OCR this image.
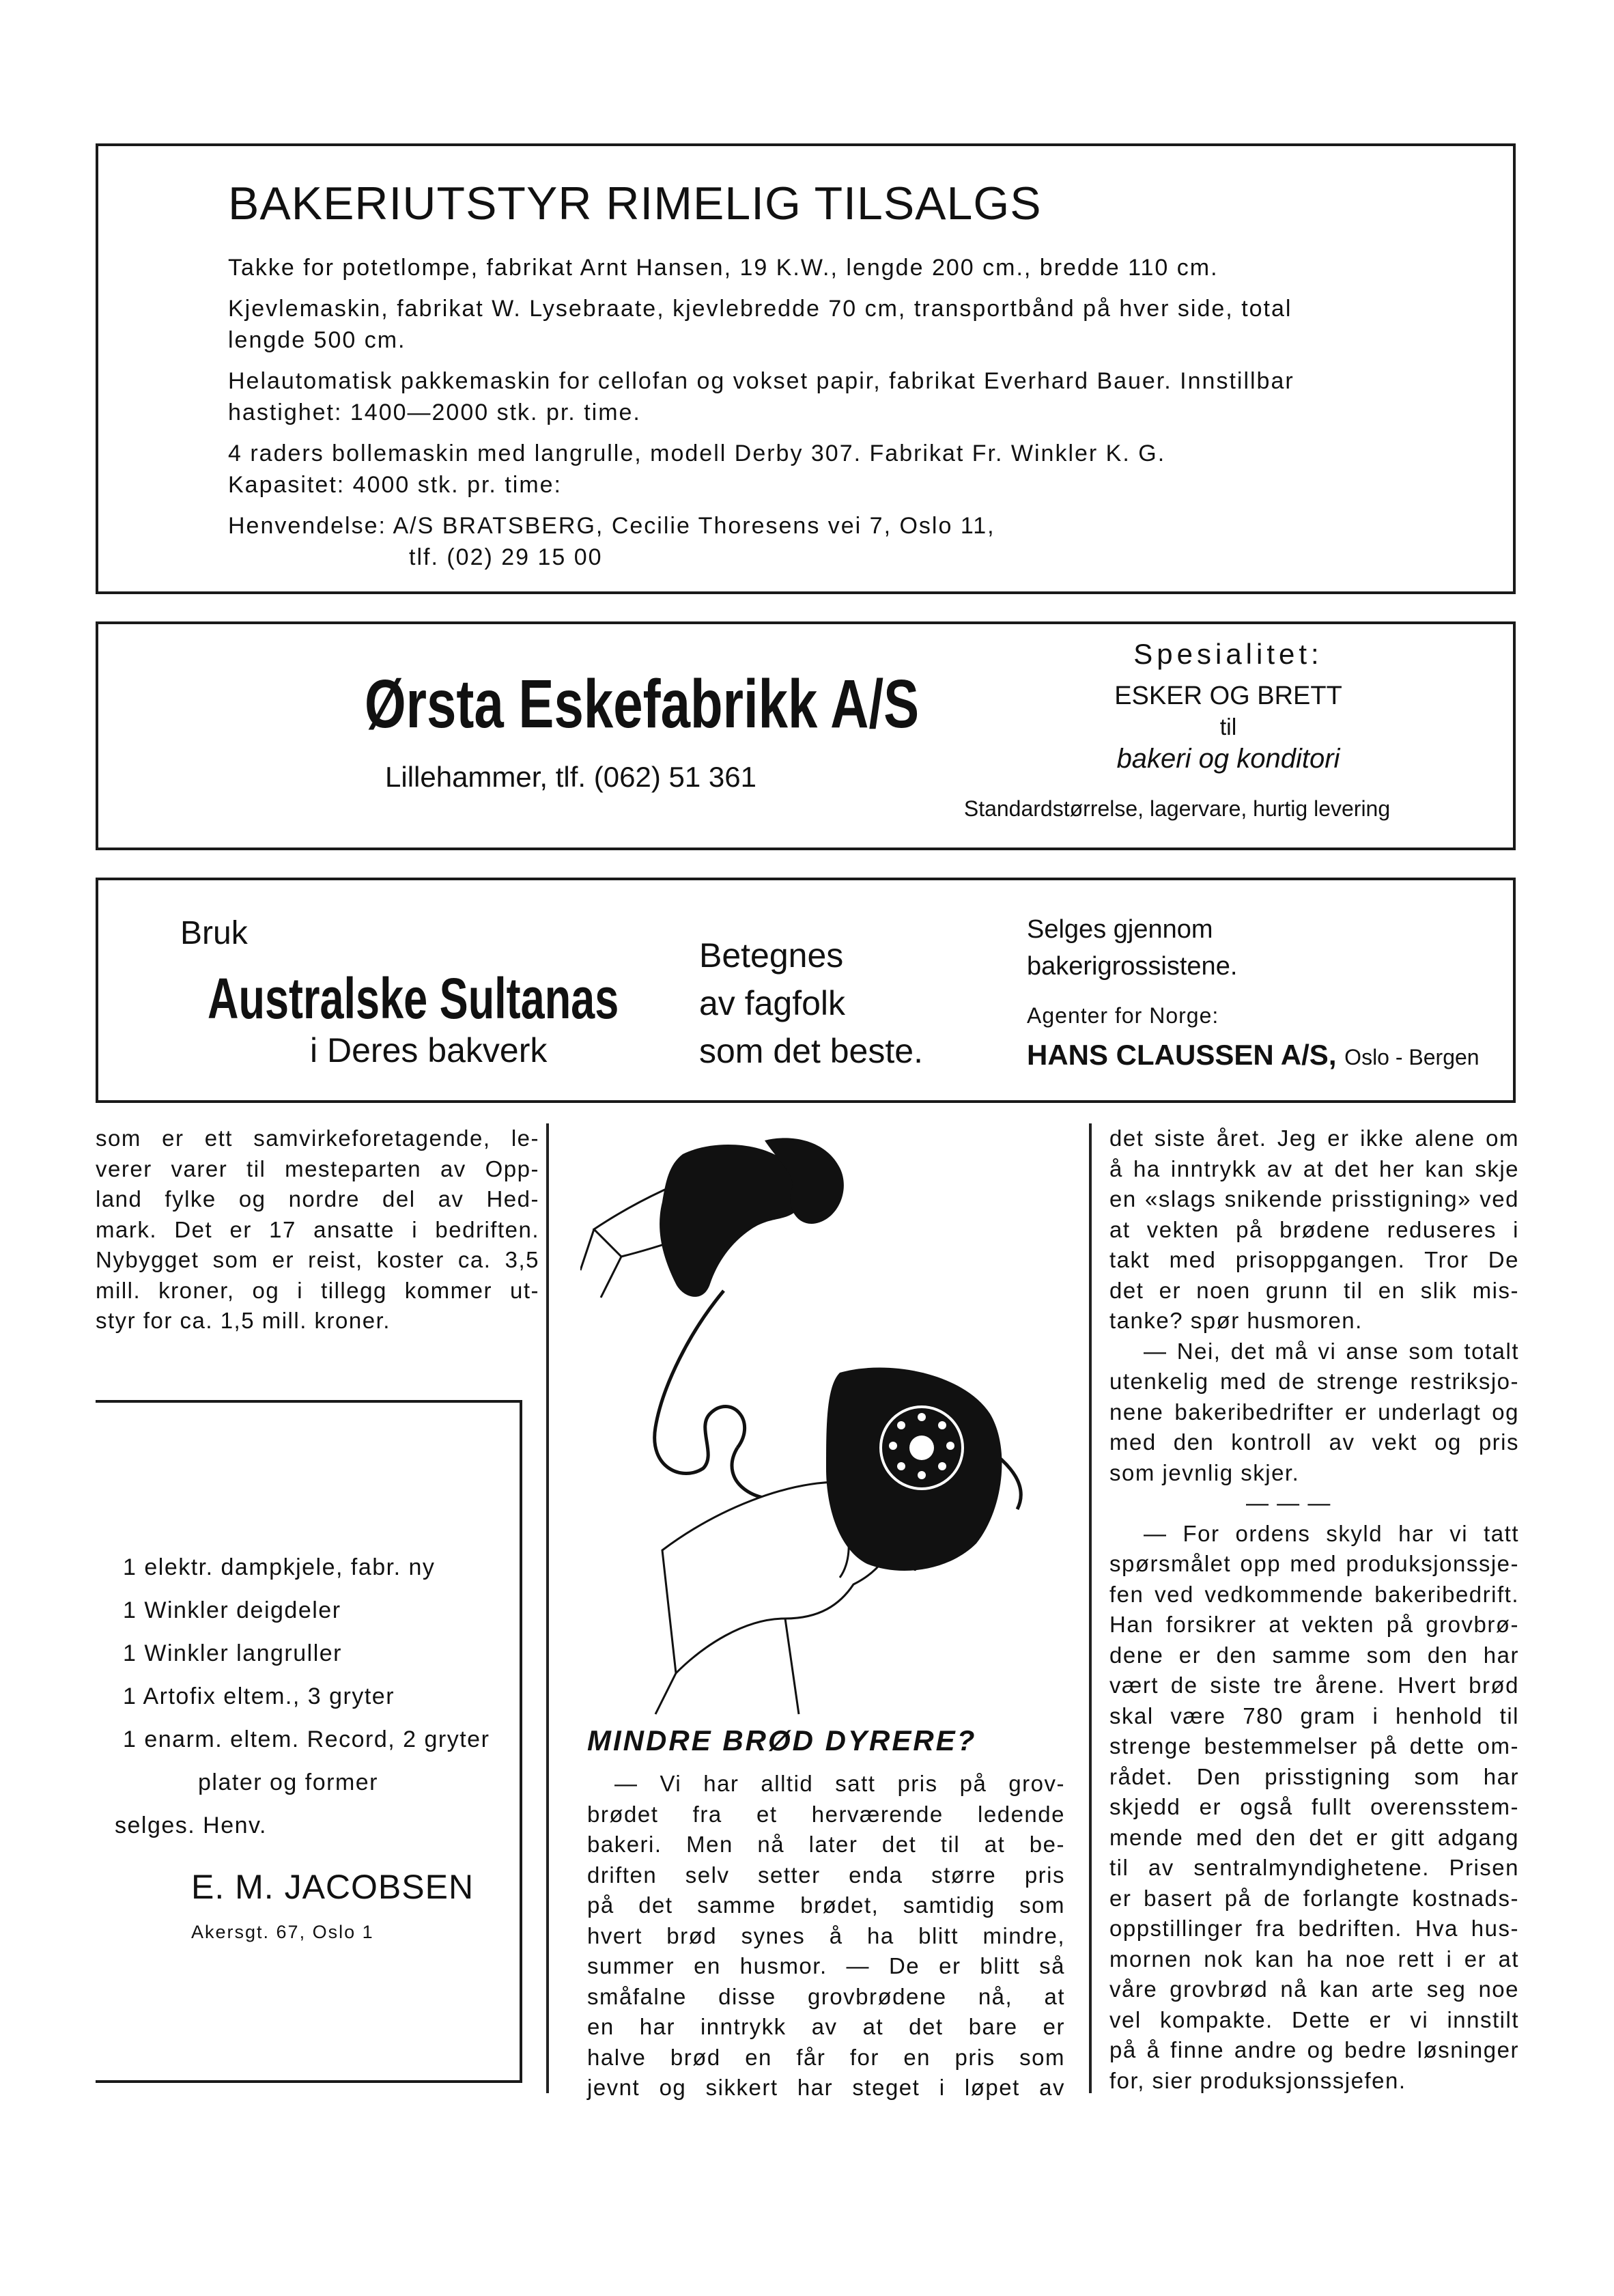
BAKERIUTSTYR RIMELIG TILSALGS
Takke for potetlompe, fabrikat Arnt Hansen, 19 K.W., lengde 200 cm., bredde 110 cm.
Kjevlemaskin, fabrikat W. Lysebraate, kjevlebredde 70 cm, transportbånd på hver side, total
lengde 500 cm.
Helautomatisk pakkemaskin for cellofan og vokset papir, fabrikat Everhard Bauer. Innstillbar
hastighet: 1400—2000 stk. pr. time.
4 raders bollemaskin med langrulle, modell Derby 307. Fabrikat Fr. Winkler K. G.
Kapasitet: 4000 stk. pr. time:
Henvendelse: A/S BRATSBERG, Cecilie Thoresens vei 7, Oslo 11,
tlf. (02) 29 15 00
Ørsta Eskefabrikk A/S
Lillehammer, tlf. (062) 51 361
Spesialitet:
ESKER OG BRETT
til
bakeri og konditori
Standardstørrelse, lagervare, hurtig levering
Bruk
Australske Sultanas
i Deres bakverk
Betegnes
av fagfolk
som det beste.
Selges gjennom
bakerigrossistene.
Agenter for Norge:
HANS CLAUSSEN A/S, Oslo - Bergen
som er ett samvirkeforetagende, le-
verer varer til mesteparten av Opp-
land fylke og nordre del av Hed-
mark. Det er 17 ansatte i bedriften.
Nybygget som er reist, koster ca. 3,5
mill. kroner, og i tillegg kommer ut-
styr for ca. 1,5 mill. kroner.
1 elektr. dampkjele, fabr. ny
1 Winkler deigdeler
1 Winkler langruller
1 Artofix eltem., 3 gryter
1 enarm. eltem. Record, 2 gryter
plater og former
selges. Henv.
E. M. JACOBSEN
Akersgt. 67, Oslo 1
MINDRE BRØD DYRERE?
— Vi har alltid satt pris på grov-
brødet fra et herværende ledende
bakeri. Men nå later det til at be-
driften selv setter enda større pris
på det samme brødet, samtidig som
hvert brød synes å ha blitt mindre,
summer en husmor. — De er blitt så
småfalne disse grovbrødene nå, at
en har inntrykk av at det bare er
halve brød en får for en pris som
jevnt og sikkert har steget i løpet av
det siste året. Jeg er ikke alene om
å ha inntrykk av at det her kan skje
en «slags snikende prisstigning» ved
at vekten på brødene reduseres i
takt med prisoppgangen. Tror De
det er noen grunn til en slik mis-
tanke? spør husmoren.
— Nei, det må vi anse som totalt
utenkelig med de strenge restriksjo-
nene bakeribedrifter er underlagt og
med den kontroll av vekt og pris
som jevnlig skjer.
— — —
— For ordens skyld har vi tatt
spørsmålet opp med produksjonssje-
fen ved vedkommende bakeribedrift.
Han forsikrer at vekten på grovbrø-
dene er den samme som den har
vært de siste tre årene. Hvert brød
skal være 780 gram i henhold til
strenge bestemmelser på dette om-
rådet. Den prisstigning som har
skjedd er også fullt overensstem-
mende med den det er gitt adgang
til av sentralmyndighetene. Prisen
er basert på de forlangte kostnads-
oppstillinger fra bedriften. Hva hus-
mornen nok kan ha noe rett i er at
våre grovbrød nå kan arte seg noe
vel kompakte. Dette er vi innstilt
på å finne andre og bedre løsninger
for, sier produksjonssjefen.
